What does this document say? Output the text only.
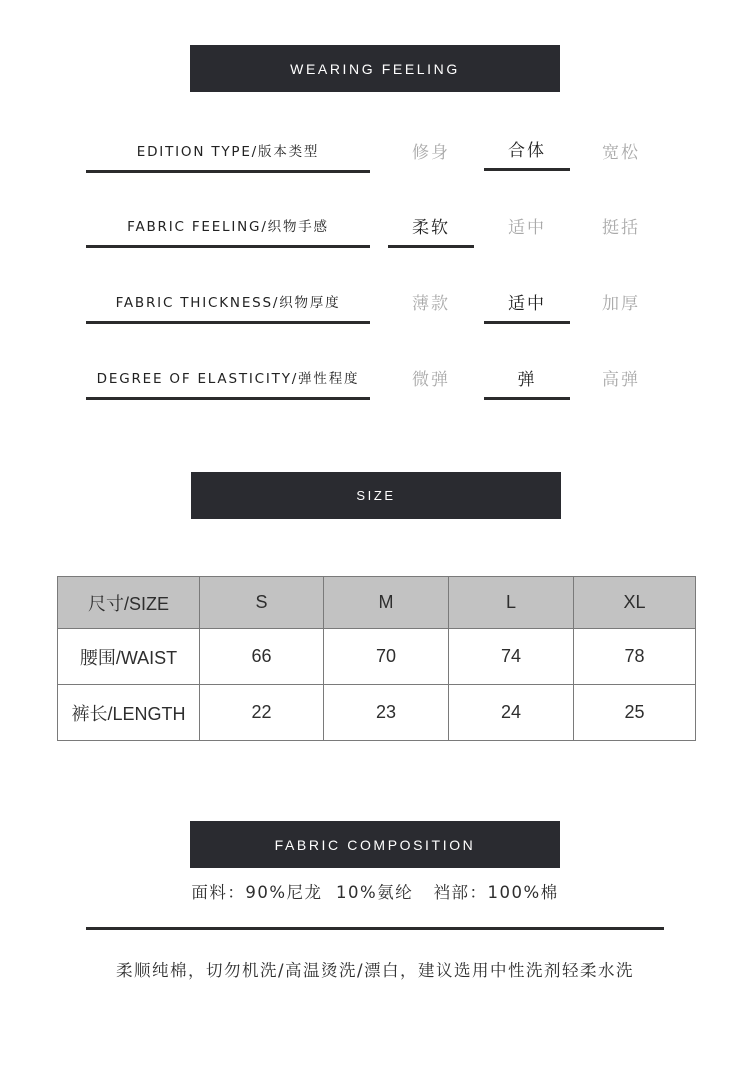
WEARING FEELING
EDITION TYPE/版本类型	修身	合体	宽松
FABRIC FEELING/织物手感	柔软	适中	挺括
FABRIC THICKNESS/织物厚度	薄款	适中	加厚
DEGREE OF ELASTICITY/弹性程度	微弹	弹	高弹
SIZE
尺寸/SIZE	S	M	L	XL
腰围/WAIST	66	70	74	78
裤长/LENGTH	22	23	24	25
FABRIC COMPOSITION
面料：90%尼龙  10%氨纶   裆部：100%棉
柔顺纯棉，切勿机洗/高温烫洗/漂白，建议选用中性洗剂轻柔水洗
